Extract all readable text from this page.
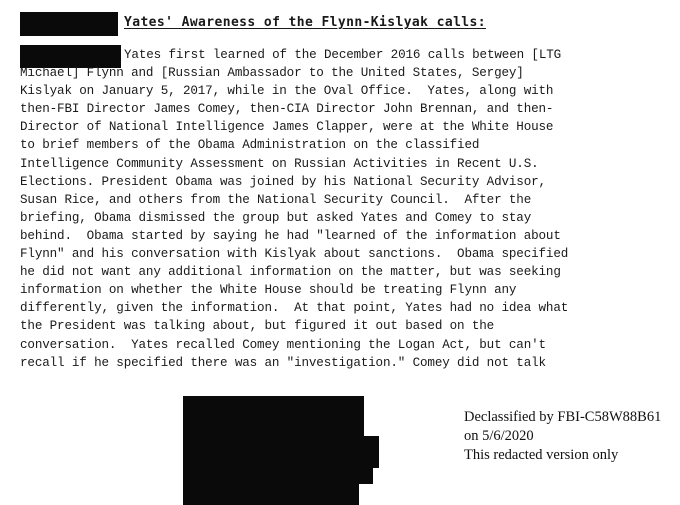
Yates' Awareness of the Flynn-Kislyak calls:
Yates first learned of the December 2016 calls between [LTG
Michael] Flynn and [Russian Ambassador to the United States, Sergey]
Kislyak on January 5, 2017, while in the Oval Office.  Yates, along with
then-FBI Director James Comey, then-CIA Director John Brennan, and then-
Director of National Intelligence James Clapper, were at the White House
to brief members of the Obama Administration on the classified
Intelligence Community Assessment on Russian Activities in Recent U.S.
Elections. President Obama was joined by his National Security Advisor,
Susan Rice, and others from the National Security Council.  After the
briefing, Obama dismissed the group but asked Yates and Comey to stay
behind.  Obama started by saying he had "learned of the information about
Flynn" and his conversation with Kislyak about sanctions.  Obama specified
he did not want any additional information on the matter, but was seeking
information on whether the White House should be treating Flynn any
differently, given the information.  At that point, Yates had no idea what
the President was talking about, but figured it out based on the
conversation.  Yates recalled Comey mentioning the Logan Act, but can't
recall if he specified there was an "investigation." Comey did not talk
Declassified by FBI-C58W88B61
on 5/6/2020
This redacted version only
